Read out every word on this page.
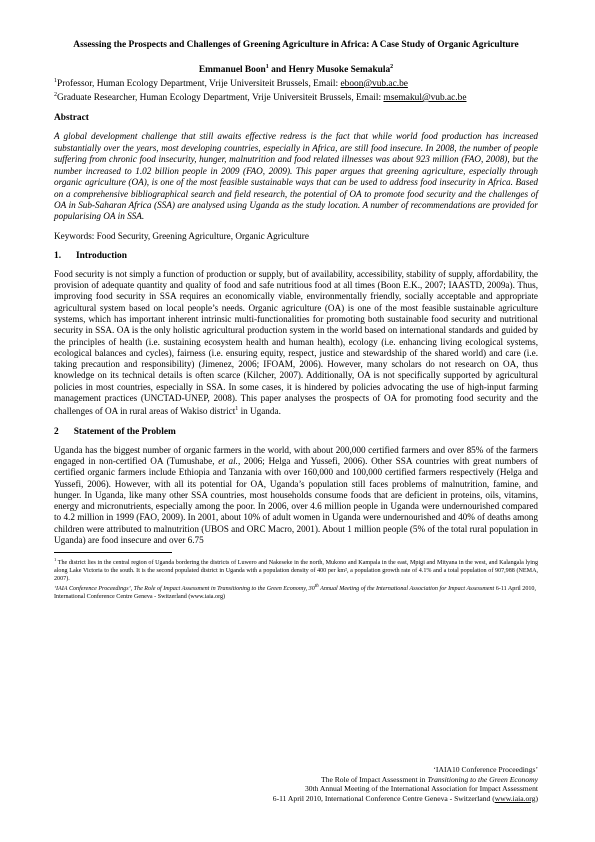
Assessing the Prospects and Challenges of Greening Agriculture in Africa: A Case Study of Organic Agriculture
Emmanuel Boon$^1$ and Henry Musoke Semakula$^2$
$^1$Professor, Human Ecology Department, Vrije Universiteit Brussels, Email: eboon@vub.ac.be
$^2$Graduate Researcher, Human Ecology Department, Vrije Universiteit Brussels, Email: msemakul@vub.ac.be
Abstract
A global development challenge that still awaits effective redress is the fact that while world food production has increased substantially over the years, most developing countries, especially in Africa, are still food insecure. In 2008, the number of people suffering from chronic food insecurity, hunger, malnutrition and food related illnesses was about 923 million (FAO, 2008), but the number increased to 1.02 billion people in 2009 (FAO, 2009). This paper argues that greening agriculture, especially through organic agriculture (OA), is one of the most feasible sustainable ways that can be used to address food insecurity in Africa. Based on a comprehensive bibliographical search and field research, the potential of OA to promote food security and the challenges of OA in Sub-Saharan Africa (SSA) are analysed using Uganda as the study location. A number of recommendations are provided for popularising OA in SSA.
Keywords: Food Security, Greening Agriculture, Organic Agriculture
1. Introduction
Food security is not simply a function of production or supply, but of availability, accessibility, stability of supply, affordability, the provision of adequate quantity and quality of food and safe nutritious food at all times (Boon E.K., 2007; IAASTD, 2009a). Thus, improving food security in SSA requires an economically viable, environmentally friendly, socially acceptable and appropriate agricultural system based on local people’s needs. Organic agriculture (OA) is one of the most feasible sustainable agriculture systems, which has important inherent intrinsic multi-functionalities for promoting both sustainable food security and nutritional security in SSA. OA is the only holistic agricultural production system in the world based on international standards and guided by the principles of health (i.e. sustaining ecosystem health and human health), ecology (i.e. enhancing living ecological systems, ecological balances and cycles), fairness (i.e. ensuring equity, respect, justice and stewardship of the shared world) and care (i.e. taking precaution and responsibility) (Jimenez, 2006; IFOAM, 2006). However, many scholars do not research on OA, thus knowledge on its technical details is often scarce (Kilcher, 2007). Additionally, OA is not specifically supported by agricultural policies in most countries, especially in SSA. In some cases, it is hindered by policies advocating the use of high-input farming management practices (UNCTAD-UNEP, 2008). This paper analyses the prospects of OA for promoting food security and the challenges of OA in rural areas of Wakiso district$^1$ in Uganda.
2 Statement of the Problem
Uganda has the biggest number of organic farmers in the world, with about 200,000 certified farmers and over 85% of the farmers engaged in non-certified OA (Tumushabe, et al., 2006; Helga and Yussefi, 2006). Other SSA countries with great numbers of certified organic farmers include Ethiopia and Tanzania with over 160,000 and 100,000 certified farmers respectively (Helga and Yussefi, 2006). However, with all its potential for OA, Uganda’s population still faces problems of malnutrition, famine, and hunger. In Uganda, like many other SSA countries, most households consume foods that are deficient in proteins, oils, vitamins, energy and micronutrients, especially among the poor. In 2006, over 4.6 million people in Uganda were undernourished compared to 4.2 million in 1999 (FAO, 2009). In 2001, about 10% of adult women in Uganda were undernourished and 40% of deaths among children were attributed to malnutrition (UBOS and ORC Macro, 2001). About 1 million people (5% of the total rural population in Uganda) are food insecure and over 6.75
$^1$ The district lies in the central region of Uganda bordering the districts of Luwero and Nakeseke in the north, Mukono and Kampala in the east, Mpigi and Mityana in the west, and Kalangala lying along Lake Victoria to the south. It is the second populated district in Uganda with a population density of 400 per km², a population growth rate of 4.1% and a total population of 907,988 (NEMA, 2007).
‘IAIA Conference Proceedings’, The Role of Impact Assessment in Transitioning to the Green Economy, 30th Annual Meeting of the International Association for Impact Assessment 6-11 April 2010, International Conference Centre Geneva - Switzerland (www.iaia.org)
‘IAIA10 Conference Proceedings’
The Role of Impact Assessment in Transitioning to the Green Economy
30th Annual Meeting of the International Association for Impact Assessment
6-11 April 2010, International Conference Centre Geneva - Switzerland (www.iaia.org)
